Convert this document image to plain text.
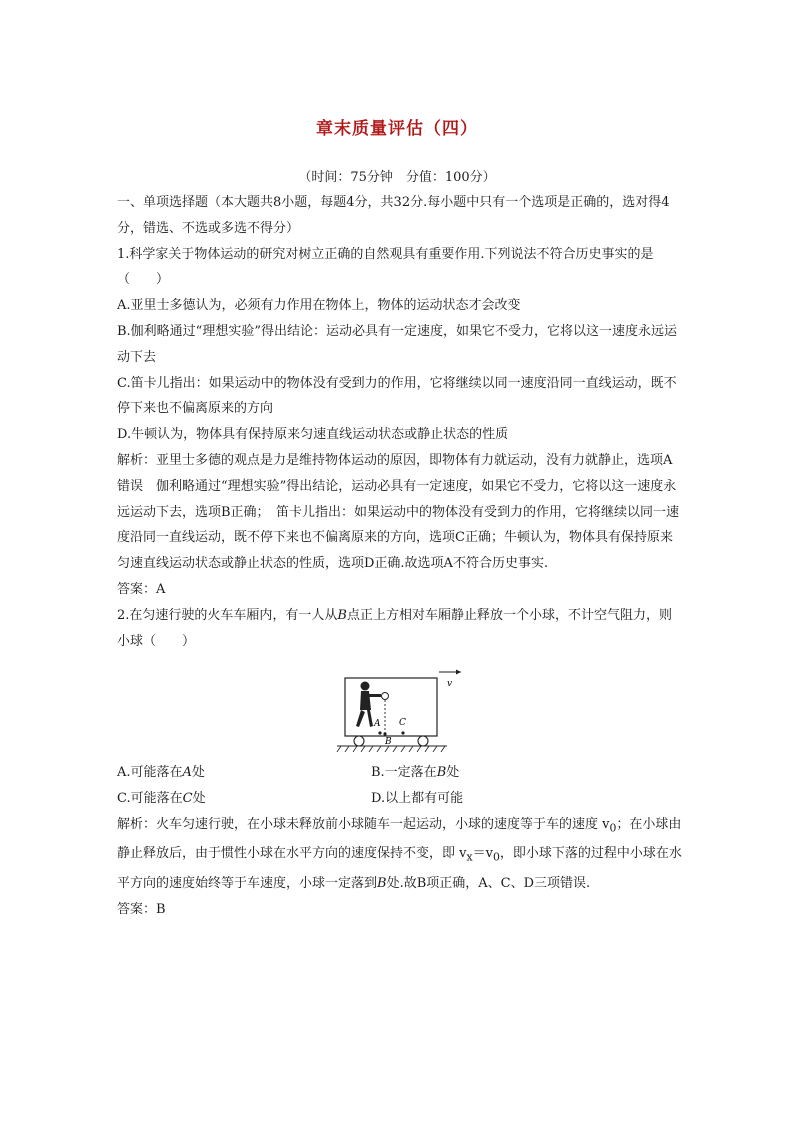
章末质量评估（四）
（时间：75分钟　分值：100分）

一、单项选择题（本大题共8小题，每题4分，共32分.每小题中只有一个选项是正确的，选对得4分，错选、不选或多选不得分）

1.科学家关于物体运动的研究对树立正确的自然观具有重要作用.下列说法不符合历史事实的是（　　）

A.亚里士多德认为，必须有力作用在物体上，物体的运动状态才会改变

B.伽利略通过“理想实验”得出结论：运动必具有一定速度，如果它不受力，它将以这一速度永远运动下去

C.笛卡儿指出：如果运动中的物体没有受到力的作用，它将继续以同一速度沿同一直线运动，既不停下来也不偏离原来的方向

D.牛顿认为，物体具有保持原来匀速直线运动状态或静止状态的性质

解析：亚里士多德的观点是力是维持物体运动的原因，即物体有力就运动，没有力就静止，选项A错误　伽利略通过“理想实验”得出结论，运动必具有一定速度，如果它不受力，它将以这一速度永远运动下去，选项B正确；　笛卡儿指出：如果运动中的物体没有受到力的作用，它将继续以同一速度沿同一直线运动，既不停下来也不偏离原来的方向，选项C正确；牛顿认为，物体具有保持原来匀速直线运动状态或静止状态的性质，选项D正确.故选项A不符合历史事实.

答案：A

2.在匀速行驶的火车车厢内，有一人从B点正上方相对车厢静止释放一个小球，不计空气阻力，则小球（　　）

v
A
B
C
A.可能落在A处	B.一定落在B处
C.可能落在C处	D.以上都有可能

解析：火车匀速行驶，在小球未释放前小球随车一起运动，小球的速度等于车的速度 $v_0$；在小球由静止释放后，由于惯性小球在水平方向的速度保持不变，即 $v_x=v_0$，即小球下落的过程中小球在水平方向的速度始终等于车速度，小球一定落到B处.故B项正确，A、C、D三项错误.

答案：B
